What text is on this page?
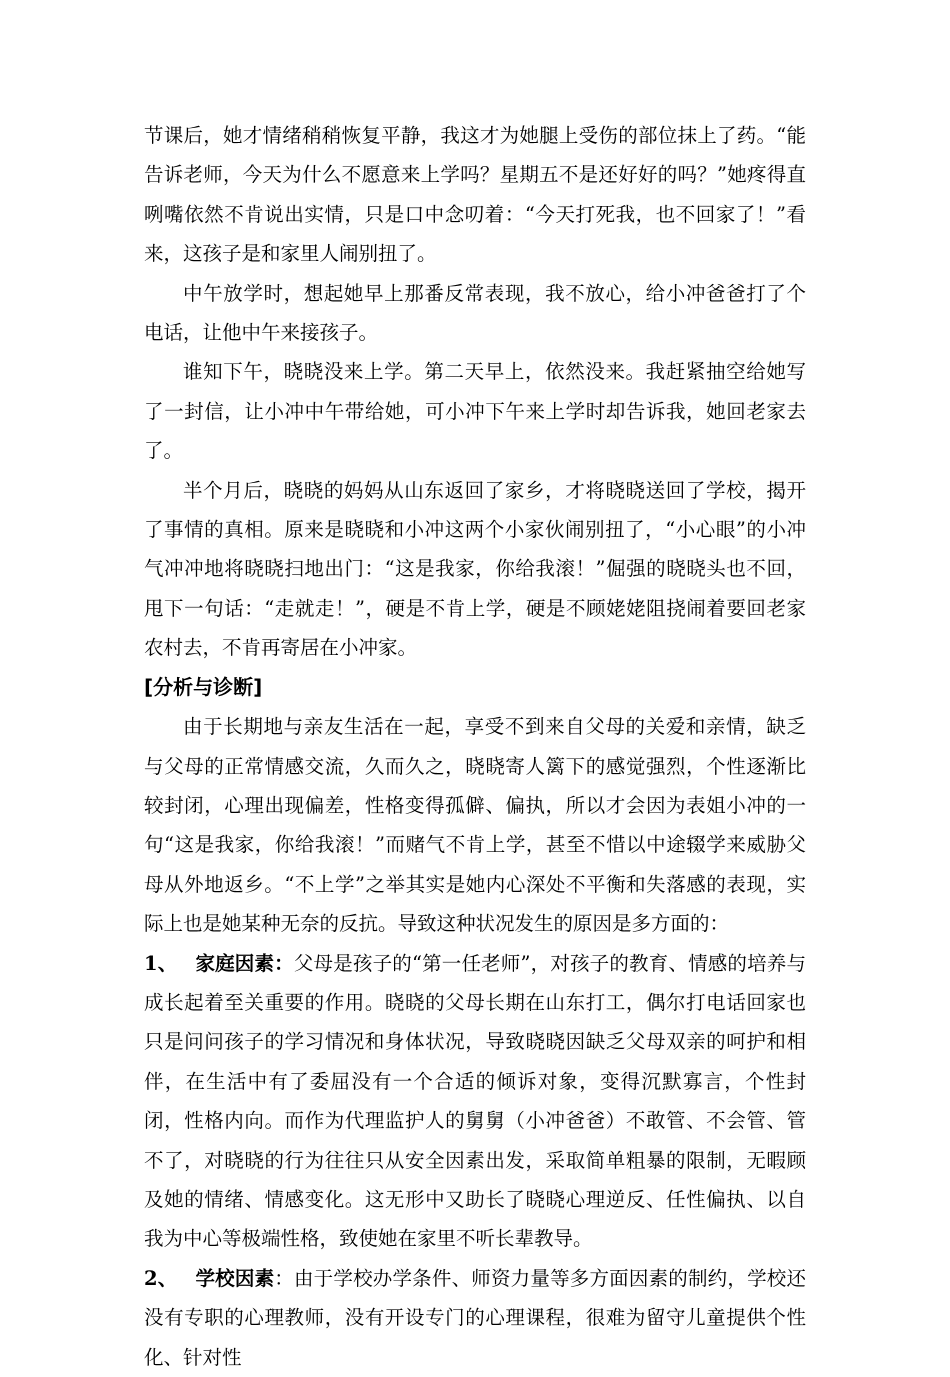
节课后，她才情绪稍稍恢复平静，我这才为她腿上受伤的部位抹上了药。“能告诉老师，今天为什么不愿意来上学吗？星期五不是还好好的吗？”她疼得直咧嘴依然不肯说出实情，只是口中念叨着：“今天打死我，也不回家了！”看来，这孩子是和家里人闹别扭了。

中午放学时，想起她早上那番反常表现，我不放心，给小冲爸爸打了个电话，让他中午来接孩子。

谁知下午，晓晓没来上学。第二天早上，依然没来。我赶紧抽空给她写了一封信，让小冲中午带给她，可小冲下午来上学时却告诉我，她回老家去了。

半个月后，晓晓的妈妈从山东返回了家乡，才将晓晓送回了学校，揭开了事情的真相。原来是晓晓和小冲这两个小家伙闹别扭了，“小心眼”的小冲气冲冲地将晓晓扫地出门：“这是我家，你给我滚！”倔强的晓晓头也不回，甩下一句话：“走就走！”，硬是不肯上学，硬是不顾姥姥阻挠闹着要回老家农村去，不肯再寄居在小冲家。

[分析与诊断]

由于长期地与亲友生活在一起，享受不到来自父母的关爱和亲情，缺乏与父母的正常情感交流，久而久之，晓晓寄人篱下的感觉强烈，个性逐渐比较封闭，心理出现偏差，性格变得孤僻、偏执，所以才会因为表姐小冲的一句“这是我家，你给我滚！”而赌气不肯上学，甚至不惜以中途辍学来威胁父母从外地返乡。“不上学”之举其实是她内心深处不平衡和失落感的表现，实际上也是她某种无奈的反抗。导致这种状况发生的原因是多方面的：

1、 家庭因素：父母是孩子的“第一任老师”，对孩子的教育、情感的培养与成长起着至关重要的作用。晓晓的父母长期在山东打工，偶尔打电话回家也只是问问孩子的学习情况和身体状况，导致晓晓因缺乏父母双亲的呵护和相伴，在生活中有了委屈没有一个合适的倾诉对象，变得沉默寡言，个性封闭，性格内向。而作为代理监护人的舅舅（小冲爸爸）不敢管、不会管、管不了，对晓晓的行为往往只从安全因素出发，采取简单粗暴的限制，无暇顾及她的情绪、情感变化。这无形中又助长了晓晓心理逆反、任性偏执、以自我为中心等极端性格，致使她在家里不听长辈教导。

2、 学校因素：由于学校办学条件、师资力量等多方面因素的制约，学校还没有专职的心理教师，没有开设专门的心理课程，很难为留守儿童提供个性化、针对性
